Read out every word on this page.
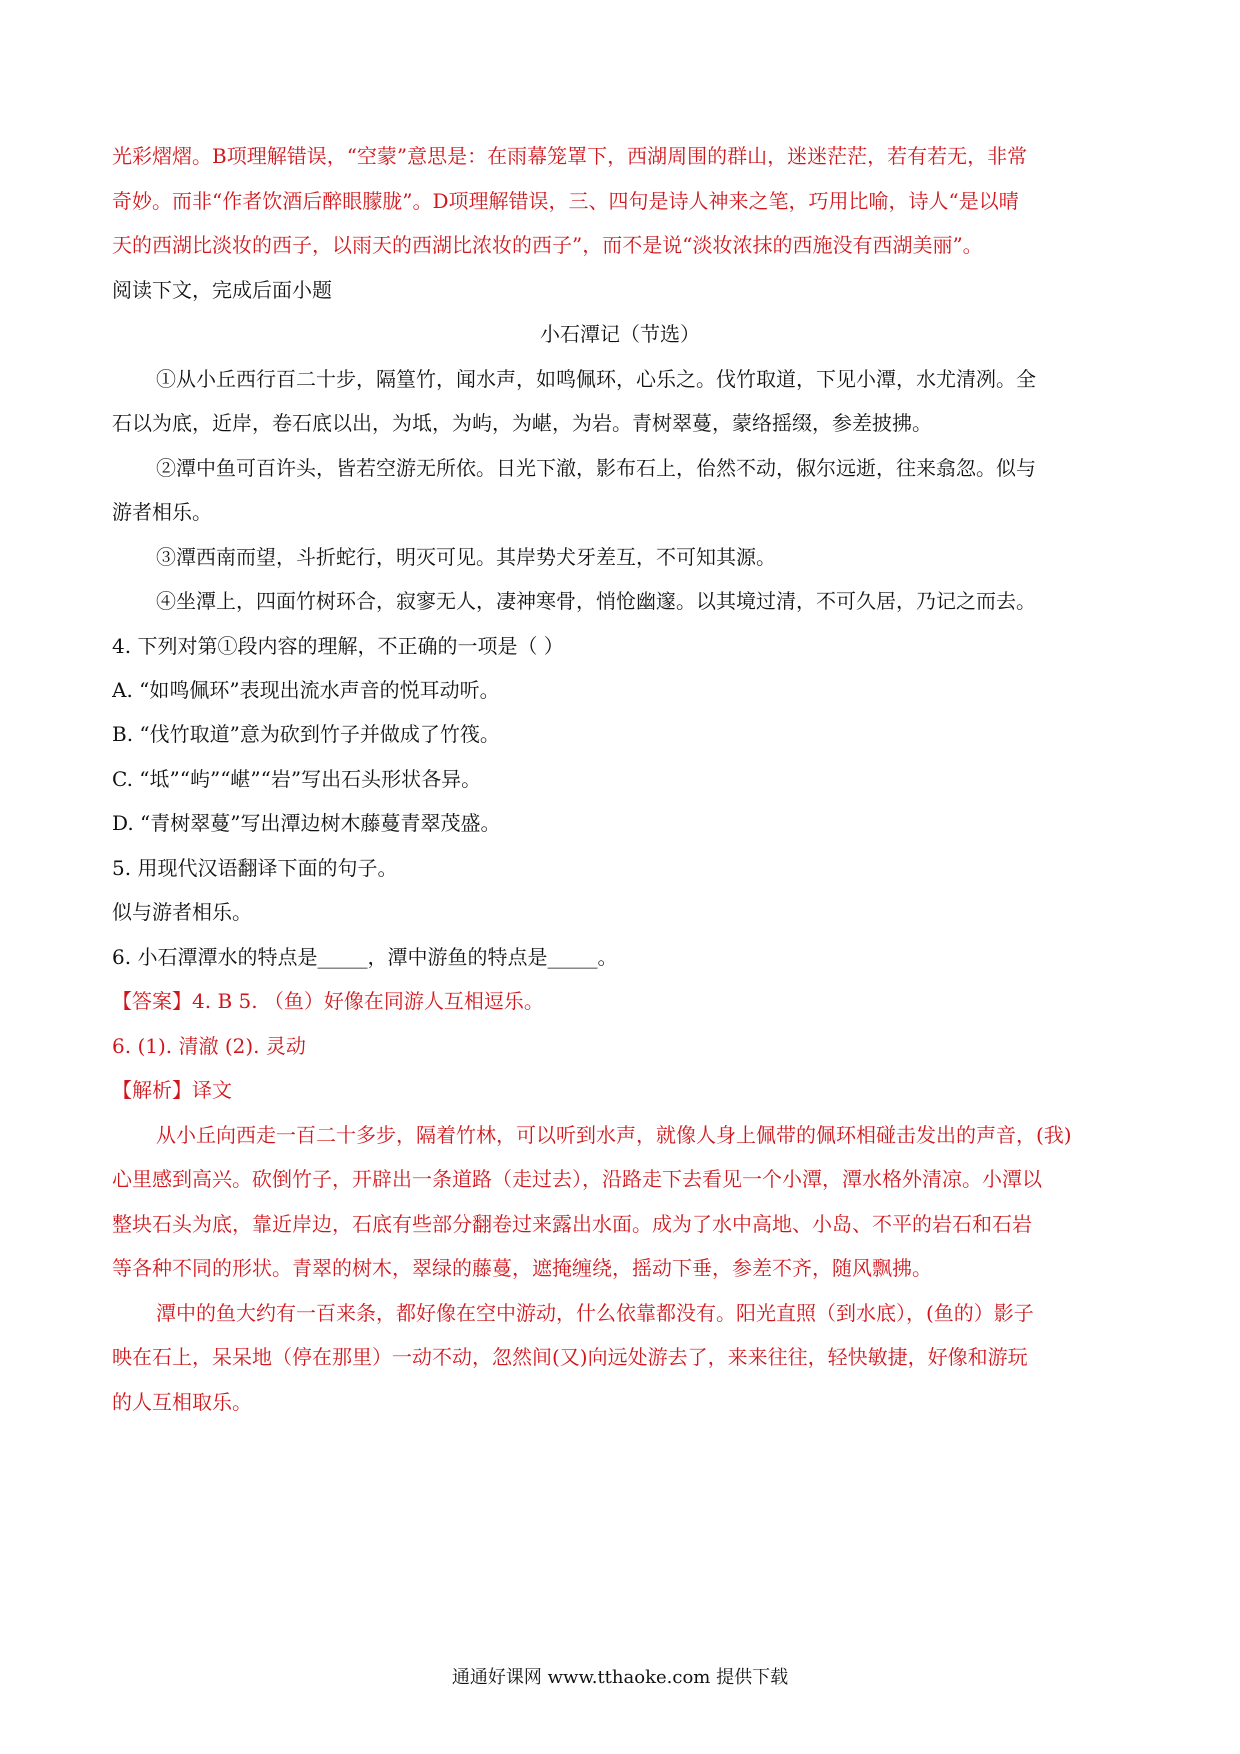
光彩熠熠。B项理解错误，“空蒙”意思是：在雨幕笼罩下，西湖周围的群山，迷迷茫茫，若有若无，非常
奇妙。而非“作者饮酒后醉眼朦胧”。D项理解错误，三、四句是诗人神来之笔，巧用比喻，诗人“是以晴
天的西湖比淡妆的西子，以雨天的西湖比浓妆的西子”，而不是说“淡妆浓抹的西施没有西湖美丽”。
阅读下文，完成后面小题
小石潭记（节选）
①从小丘西行百二十步，隔篁竹，闻水声，如鸣佩环，心乐之。伐竹取道，下见小潭，水尤清冽。全
石以为底，近岸，卷石底以出，为坻，为屿，为嵁，为岩。青树翠蔓，蒙络摇缀，参差披拂。
②潭中鱼可百许头，皆若空游无所依。日光下澈，影布石上，佁然不动，俶尔远逝，往来翕忽。似与
游者相乐。
③潭西南而望，斗折蛇行，明灭可见。其岸势犬牙差互，不可知其源。
④坐潭上，四面竹树环合，寂寥无人，凄神寒骨，悄怆幽邃。以其境过清，不可久居，乃记之而去。
4. 下列对第①段内容的理解，不正确的一项是（ ）
A. “如鸣佩环”表现出流水声音的悦耳动听。
B. “伐竹取道”意为砍到竹子并做成了竹筏。
C. “坻”“屿”“嵁”“岩”写出石头形状各异。
D. “青树翠蔓”写出潭边树木藤蔓青翠茂盛。
5. 用现代汉语翻译下面的句子。
似与游者相乐。
6. 小石潭潭水的特点是_____，潭中游鱼的特点是_____。
【答案】4. B 5. （鱼）好像在同游人互相逗乐。
6. (1). 清澈 (2). 灵动
【解析】译文
从小丘向西走一百二十多步，隔着竹林，可以听到水声，就像人身上佩带的佩环相碰击发出的声音，(我)
心里感到高兴。砍倒竹子，开辟出一条道路（走过去），沿路走下去看见一个小潭，潭水格外清凉。小潭以
整块石头为底，靠近岸边，石底有些部分翻卷过来露出水面。成为了水中高地、小岛、不平的岩石和石岩
等各种不同的形状。青翠的树木，翠绿的藤蔓，遮掩缠绕，摇动下垂，参差不齐，随风飘拂。
潭中的鱼大约有一百来条，都好像在空中游动，什么依靠都没有。阳光直照（到水底），(鱼的）影子
映在石上，呆呆地（停在那里）一动不动，忽然间(又)向远处游去了，来来往往，轻快敏捷，好像和游玩
的人互相取乐。
通通好课网 www.tthaoke.com 提供下载
